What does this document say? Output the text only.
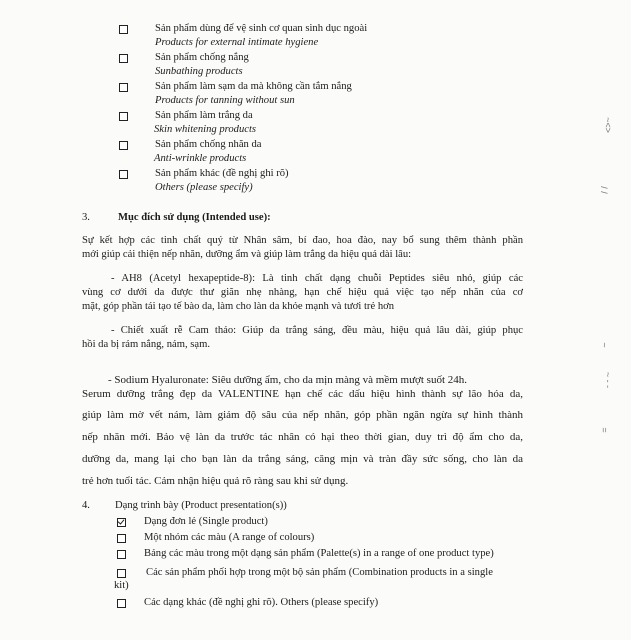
Sản phẩm dùng để vệ sinh cơ quan sinh dục ngoài
Products for external intimate hygiene
Sản phẩm chống nắng
Sunbathing products
Sản phẩm làm sạm da mà không cần tắm nắng
Products for tanning without sun
Sản phẩm làm trắng da
Skin whitening products
Sản phẩm chống nhăn da
Anti-wrinkle products
Sản phẩm khác (đề nghị ghi rõ)
Others (please specify)
3.	Mục đích sử dụng (Intended use):
Sự kết hợp các tinh chất quý từ Nhân sâm, bí đao, hoa đào, nay bổ sung thêm thành phần
mới giúp cải thiện nếp nhăn, dưỡng ẩm và giúp làm trắng da hiệu quả dài lâu:
- AH8 (Acetyl hexapeptide-8): Là tinh chất dạng chuỗi Peptides siêu nhỏ, giúp các
vùng cơ dưới da được thư giãn nhẹ nhàng, hạn chế hiệu quả việc tạo nếp nhăn của cơ
mặt, góp phần tái tạo tế bào da, làm cho làn da khỏe mạnh và tươi trẻ hơn
- Chiết xuất rễ Cam thảo: Giúp da trắng sáng, đều màu, hiệu quả lâu dài, giúp phục
hồi da bị rám nắng, nám, sạm.
- Sodium Hyaluronate: Siêu dưỡng ẩm, cho da mịn màng và mềm mượt suốt 24h.
Serum dưỡng trắng đẹp da VALENTINE hạn chế các dấu hiệu hình thành sự lão hóa da,
giúp làm mờ vết nám, làm giảm độ sâu của nếp nhăn, góp phần ngăn ngừa sự hình thành
nếp nhăn mới. Bảo vệ làn da trước tác nhân có hại theo thời gian, duy trì độ ẩm cho da,
dưỡng da, mang lại cho bạn làn da trắng sáng, căng mịn và tràn đầy sức sống, cho làn da
trẻ hơn tuổi tác. Cảm nhận hiệu quả rõ ràng sau khi sử dụng.
4. Dạng trình bày (Product presentation(s))
Dạng đơn lẻ (Single product)
Một nhóm các màu (A range of colours)
Bảng các màu trong một dạng sản phẩm (Palette(s) in a range of one product type)
Các sản phẩm phối hợp trong một bộ sản phẩm (Combination products in a single
kit)
Các dạng khác (đề nghị ghi rõ). Others (please specify)
~<>
/ /
~
~ ‑ ‑
=
